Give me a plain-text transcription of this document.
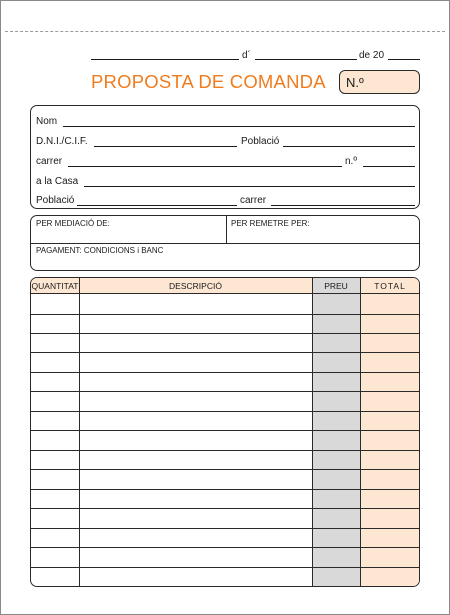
d´	de 20
PROPOSTA DE COMANDA N.º
Nom
D.N.I./C.I.F.	Població
carrer	n.º
a la Casa
Població	carrer
PER MEDIACIÓ DE:	PER REMETRE PER:
PAGAMENT: CONDICIONS i BANC
QUANTITAT	DESCRIPCIÓ	PREU	TOTAL
